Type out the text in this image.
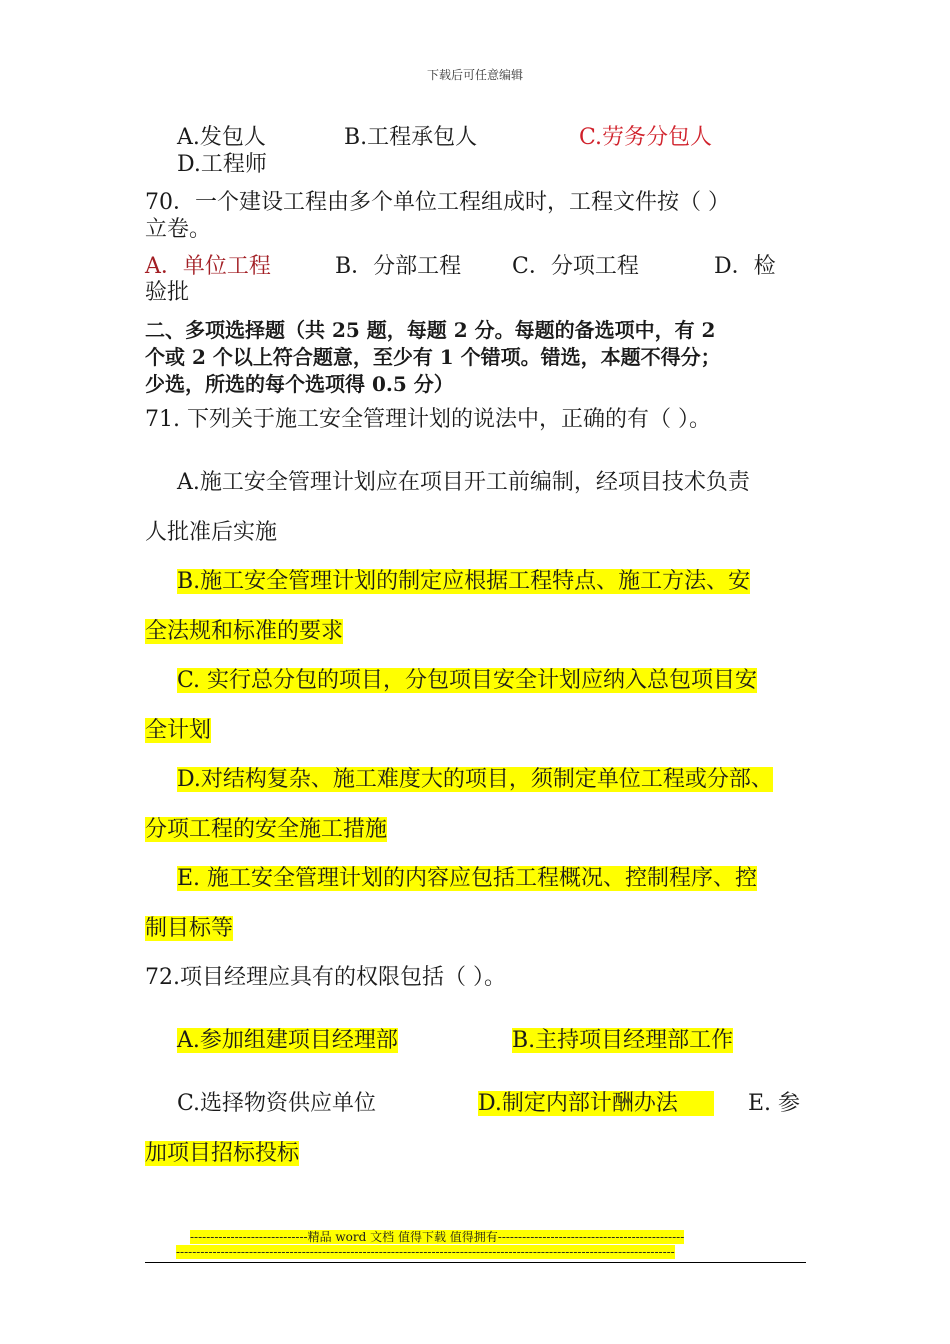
下载后可任意编辑
A.发包人	B.工程承包人	C.劳务分包人
D.工程师
70．一个建设工程由多个单位工程组成时，工程文件按（ ）
立卷。
A．单位工程	B．分部工程 C．分项工程	D．检
验批
二、多项选择题（共 25 题，每题 2 分。每题的备选项中，有 2
个或 2 个以上符合题意，至少有 1 个错项。错选，本题不得分；
少选，所选的每个选项得 0.5 分）
71. 下列关于施工安全管理计划的说法中，正确的有（ ）。
A.施工安全管理计划应在项目开工前编制，经项目技术负责
人批准后实施
B.施工安全管理计划的制定应根据工程特点、施工方法、安
全法规和标准的要求
C. 实行总分包的项目，分包项目安全计划应纳入总包项目安
全计划
D.对结构复杂、施工难度大的项目，须制定单位工程或分部、
分项工程的安全施工措施
E. 施工安全管理计划的内容应包括工程概况、控制程序、控
制目标等
72.项目经理应具有的权限包括（ ）。
A.参加组建项目经理部	B.主持项目经理部工作
C.选择物资供应单位	D.制定内部计酬办法	E. 参
加项目招标投标
-----------------------------精品 word 文档 值得下载 值得拥有----------------------------------------------
---------------------------------------------------------------------------------------------------------------------------
